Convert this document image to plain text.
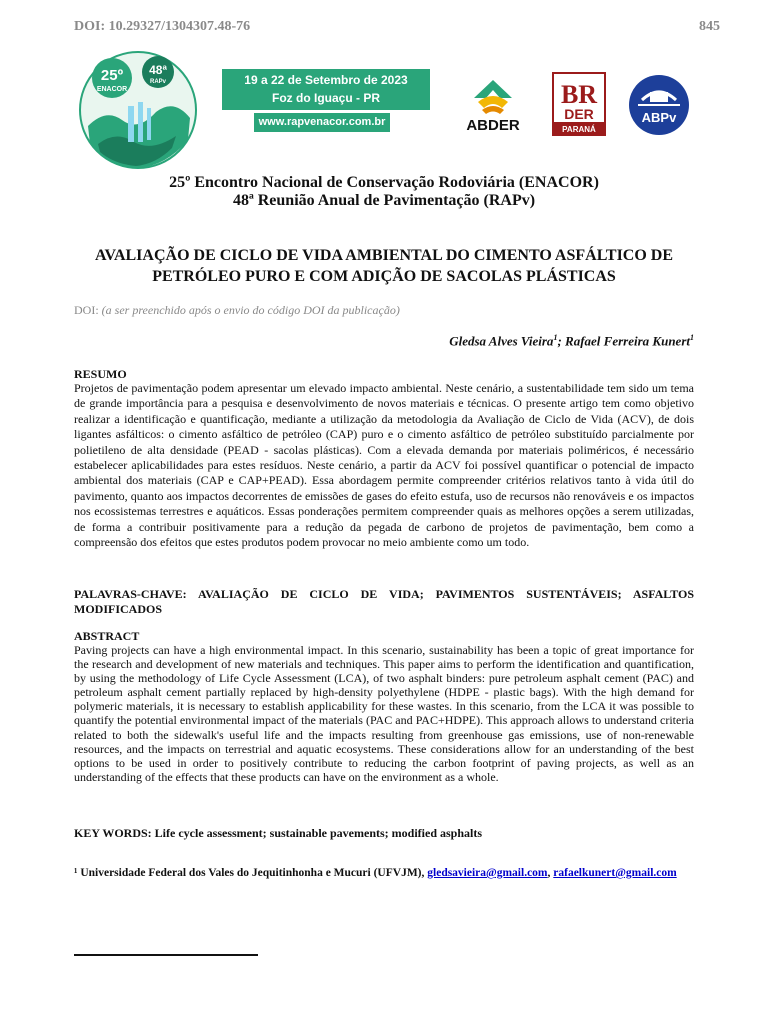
DOI: 10.29327/1304307.48-76	845
25º
ENACOR
48ª
RAPv	19 a 22 de Setembro de 2023
Foz do Iguaçu - PR
www.rapvenacor.com.br	ABDER
BR
DER
PARANÁ
ABPv
25º Encontro Nacional de Conservação Rodoviária (ENACOR)
48ª Reunião Anual de Pavimentação (RAPv)
AVALIAÇÃO DE CICLO DE VIDA AMBIENTAL DO CIMENTO ASFÁLTICO DE PETRÓLEO PURO E COM ADIÇÃO DE SACOLAS PLÁSTICAS
DOI: (a ser preenchido após o envio do código DOI da publicação)
Gledsa Alves Vieira$^1$; Rafael Ferreira Kunert$^1$
RESUMO
Projetos de pavimentação podem apresentar um elevado impacto ambiental. Neste cenário, a sustentabilidade tem sido um tema de grande importância para a pesquisa e desenvolvimento de novos materiais e técnicas. O presente artigo tem como objetivo realizar a identificação e quantificação, mediante a utilização da metodologia da Avaliação de Ciclo de Vida (ACV), de dois ligantes asfálticos: o cimento asfáltico de petróleo (CAP) puro e o cimento asfáltico de petróleo substituído parcialmente por polietileno de alta densidade (PEAD - sacolas plásticas). Com a elevada demanda por materiais poliméricos, é necessário estabelecer aplicabilidades para estes resíduos. Neste cenário, a partir da ACV foi possível quantificar o potencial de impacto ambiental dos materiais (CAP e CAP+PEAD). Essa abordagem permite compreender critérios relativos tanto à vida útil do pavimento, quanto aos impactos decorrentes de emissões de gases do efeito estufa, uso de recursos não renováveis e os impactos nos ecossistemas terrestres e aquáticos. Essas ponderações permitem compreender quais as melhores opções a serem utilizadas, de forma a contribuir positivamente para a redução da pegada de carbono de projetos de pavimentação, bem como a compreensão dos efeitos que estes produtos podem provocar no meio ambiente como um todo.
PALAVRAS-CHAVE: AVALIAÇÃO DE CICLO DE VIDA; PAVIMENTOS SUSTENTÁVEIS; ASFALTOS MODIFICADOS
ABSTRACT
Paving projects can have a high environmental impact. In this scenario, sustainability has been a topic of great importance for the research and development of new materials and techniques. This paper aims to perform the identification and quantification, by using the methodology of Life Cycle Assessment (LCA), of two asphalt binders: pure petroleum asphalt cement (PAC) and petroleum asphalt cement partially replaced by high-density polyethylene (HDPE - plastic bags). With the high demand for polymeric materials, it is necessary to establish applicability for these wastes. In this scenario, from the LCA it was possible to quantify the potential environmental impact of the materials (PAC and PAC+HDPE). This approach allows to understand criteria related to both the sidewalk's useful life and the impacts resulting from greenhouse gas emissions, use of non-renewable resources, and the impacts on terrestrial and aquatic ecosystems. These considerations allow for an understanding of the best options to be used in order to positively contribute to reducing the carbon footprint of paving projects, as well as an understanding of the effects that these products can have on the environment as a whole.
KEY WORDS: Life cycle assessment; sustainable pavements; modified asphalts
¹ Universidade Federal dos Vales do Jequitinhonha e Mucuri (UFVJM), gledsavieira@gmail.com, rafaelkunert@gmail.com
